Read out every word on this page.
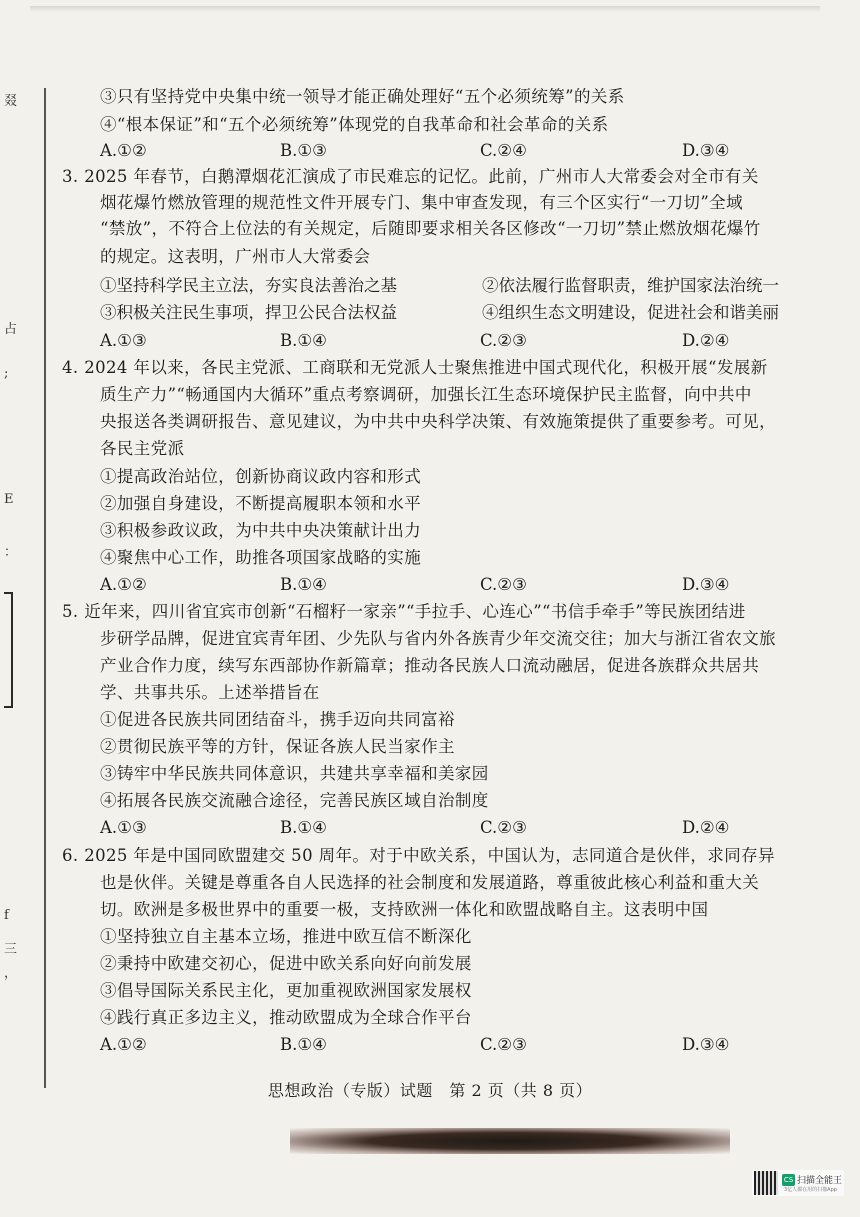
叕
占
;
E
：
f
三
，
③只有坚持党中央集中统一领导才能正确处理好“五个必须统筹”的关系
④“根本保证”和“五个必须统筹”体现党的自我革命和社会革命的关系
A.①②	B.①③	C.②④	D.③④
3. 2025 年春节，白鹅潭烟花汇演成了市民难忘的记忆。此前，广州市人大常委会对全市有关
烟花爆竹燃放管理的规范性文件开展专门、集中审查发现，有三个区实行“一刀切”全域
“禁放”，不符合上位法的有关规定，后随即要求相关各区修改“一刀切”禁止燃放烟花爆竹
的规定。这表明，广州市人大常委会
①坚持科学民主立法，夯实良法善治之基	②依法履行监督职责，维护国家法治统一
③积极关注民生事项，捍卫公民合法权益	④组织生态文明建设，促进社会和谐美丽
A.①③	B.①④	C.②③	D.②④
4. 2024 年以来，各民主党派、工商联和无党派人士聚焦推进中国式现代化，积极开展“发展新
质生产力”“畅通国内大循环”重点考察调研，加强长江生态环境保护民主监督，向中共中
央报送各类调研报告、意见建议，为中共中央科学决策、有效施策提供了重要参考。可见，
各民主党派
①提高政治站位，创新协商议政内容和形式
②加强自身建设，不断提高履职本领和水平
③积极参政议政，为中共中央决策献计出力
④聚焦中心工作，助推各项国家战略的实施
A.①②	B.①④	C.②③	D.③④
5. 近年来，四川省宜宾市创新“石榴籽一家亲”“手拉手、心连心”“书信手牵手”等民族团结进
步研学品牌，促进宜宾青年团、少先队与省内外各族青少年交流交往；加大与浙江省农文旅
产业合作力度，续写东西部协作新篇章；推动各民族人口流动融居，促进各族群众共居共
学、共事共乐。上述举措旨在
①促进各民族共同团结奋斗，携手迈向共同富裕
②贯彻民族平等的方针，保证各族人民当家作主
③铸牢中华民族共同体意识，共建共享幸福和美家园
④拓展各民族交流融合途径，完善民族区域自治制度
A.①③	B.①④	C.②③	D.②④
6. 2025 年是中国同欧盟建交 50 周年。对于中欧关系，中国认为，志同道合是伙伴，求同存异
也是伙伴。关键是尊重各自人民选择的社会制度和发展道路，尊重彼此核心利益和重大关
切。欧洲是多极世界中的重要一极，支持欧洲一体化和欧盟战略自主。这表明中国
①坚持独立自主基本立场，推进中欧互信不断深化
②秉持中欧建交初心，促进中欧关系向好向前发展
③倡导国际关系民主化，更加重视欧洲国家发展权
④践行真正多边主义，推动欧盟成为全球合作平台
A.①②	B.①④	C.②③	D.③④
思想政治（专版）试题　第 2 页（共 8 页）
CS 扫描全能王
3亿人都在用的扫描App
